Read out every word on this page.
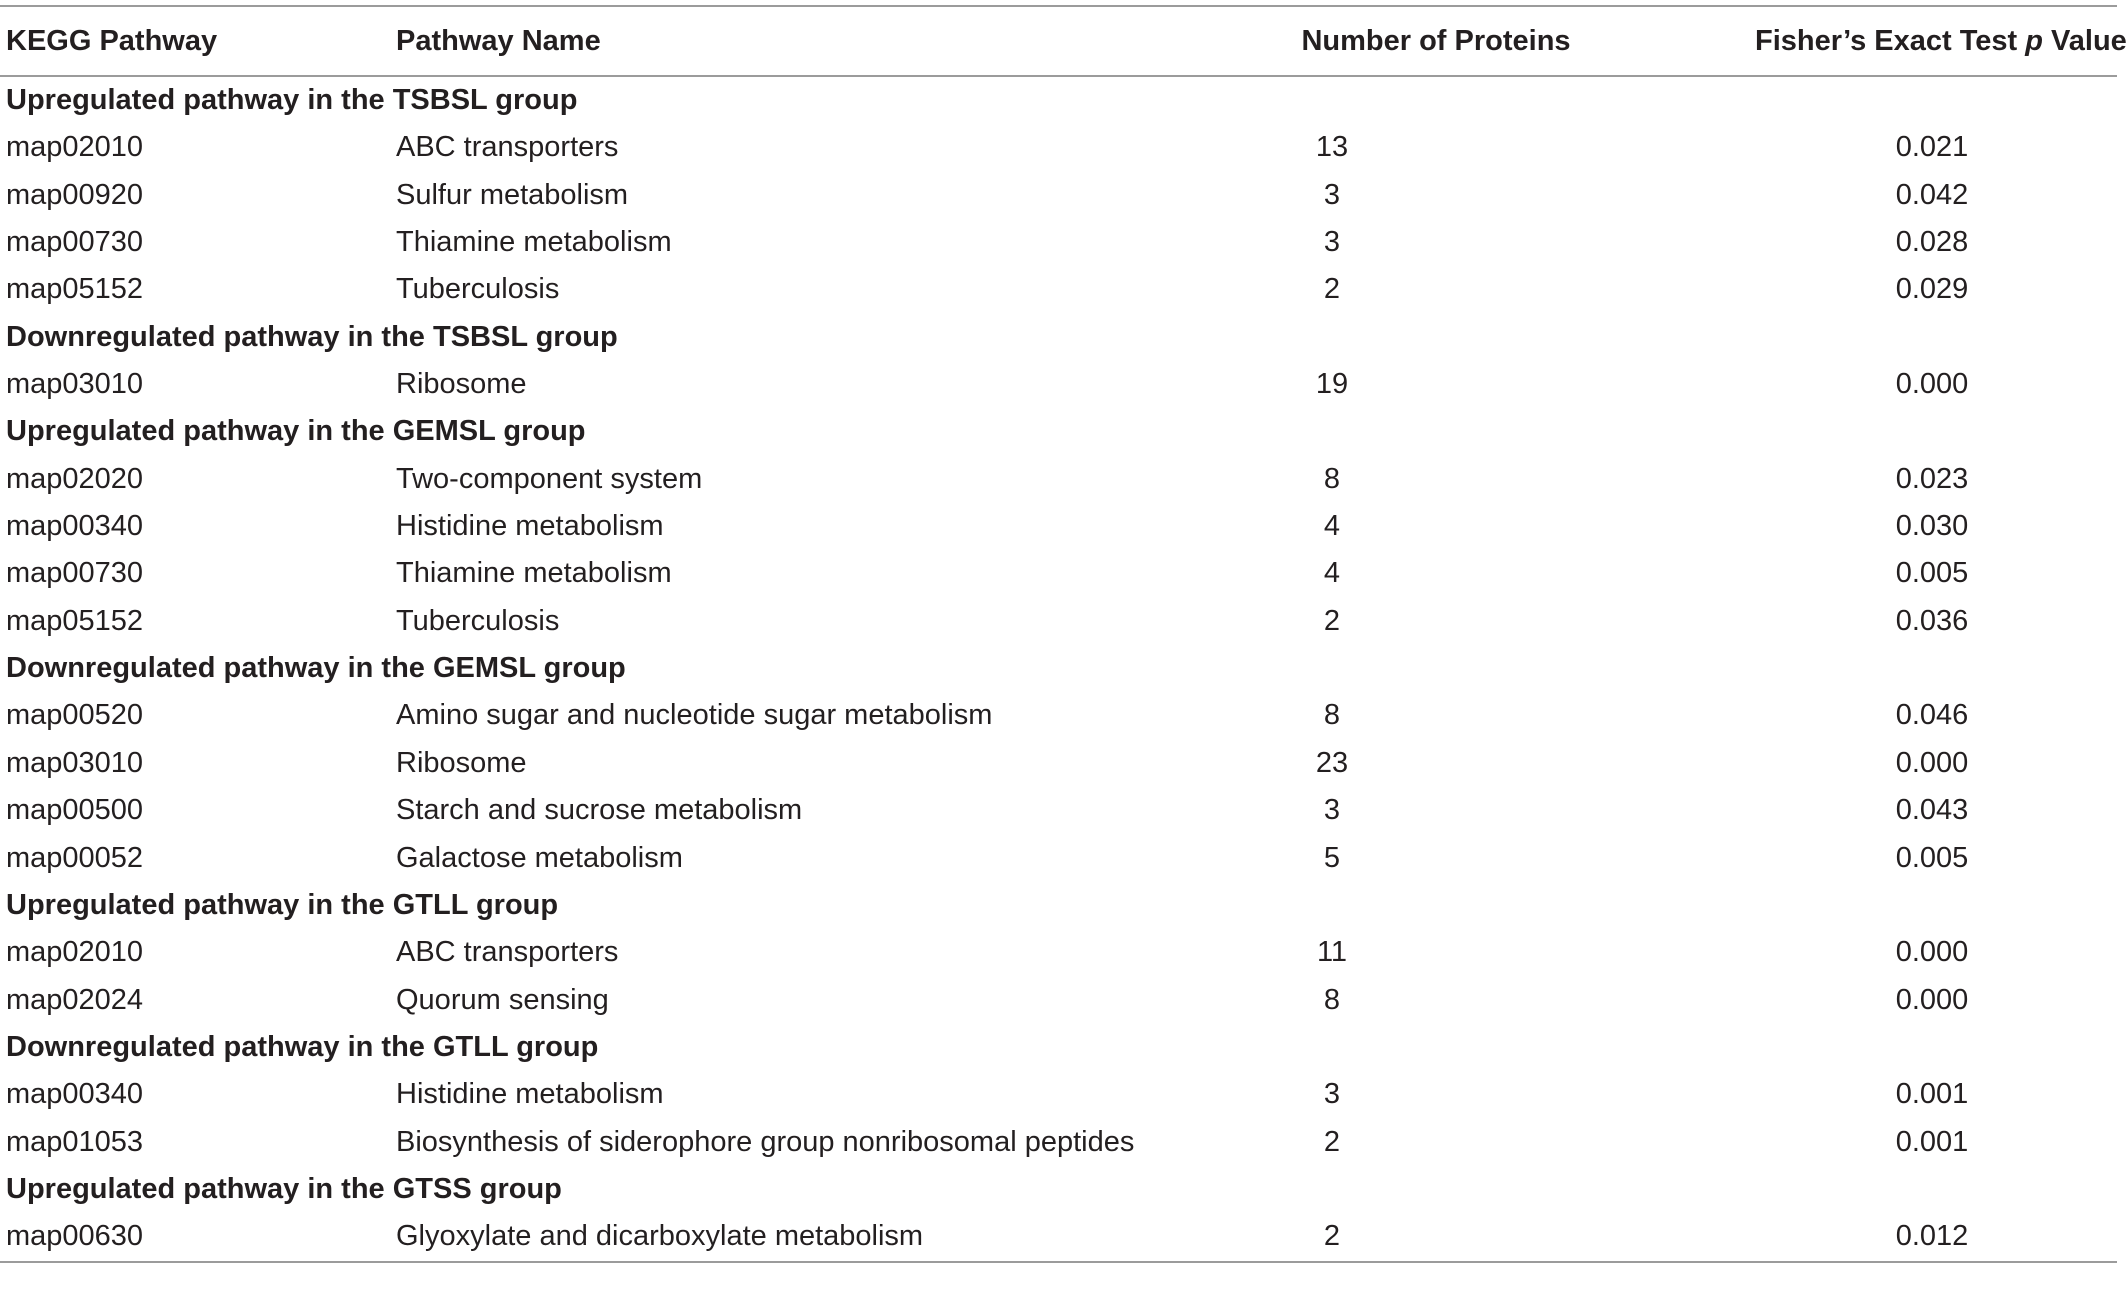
KEGG Pathway	Pathway Name	Number of Proteins	Fisher’s Exact Test p Value
Upregulated pathway in the TSBSL group
map02010	ABC transporters	13	0.021
map00920	Sulfur metabolism	3	0.042
map00730	Thiamine metabolism	3	0.028
map05152	Tuberculosis	2	0.029
Downregulated pathway in the TSBSL group
map03010	Ribosome	19	0.000
Upregulated pathway in the GEMSL group
map02020	Two-component system	8	0.023
map00340	Histidine metabolism	4	0.030
map00730	Thiamine metabolism	4	0.005
map05152	Tuberculosis	2	0.036
Downregulated pathway in the GEMSL group
map00520	Amino sugar and nucleotide sugar metabolism	8	0.046
map03010	Ribosome	23	0.000
map00500	Starch and sucrose metabolism	3	0.043
map00052	Galactose metabolism	5	0.005
Upregulated pathway in the GTLL group
map02010	ABC transporters	11	0.000
map02024	Quorum sensing	8	0.000
Downregulated pathway in the GTLL group
map00340	Histidine metabolism	3	0.001
map01053	Biosynthesis of siderophore group nonribosomal peptides	2	0.001
Upregulated pathway in the GTSS group
map00630	Glyoxylate and dicarboxylate metabolism	2	0.012
